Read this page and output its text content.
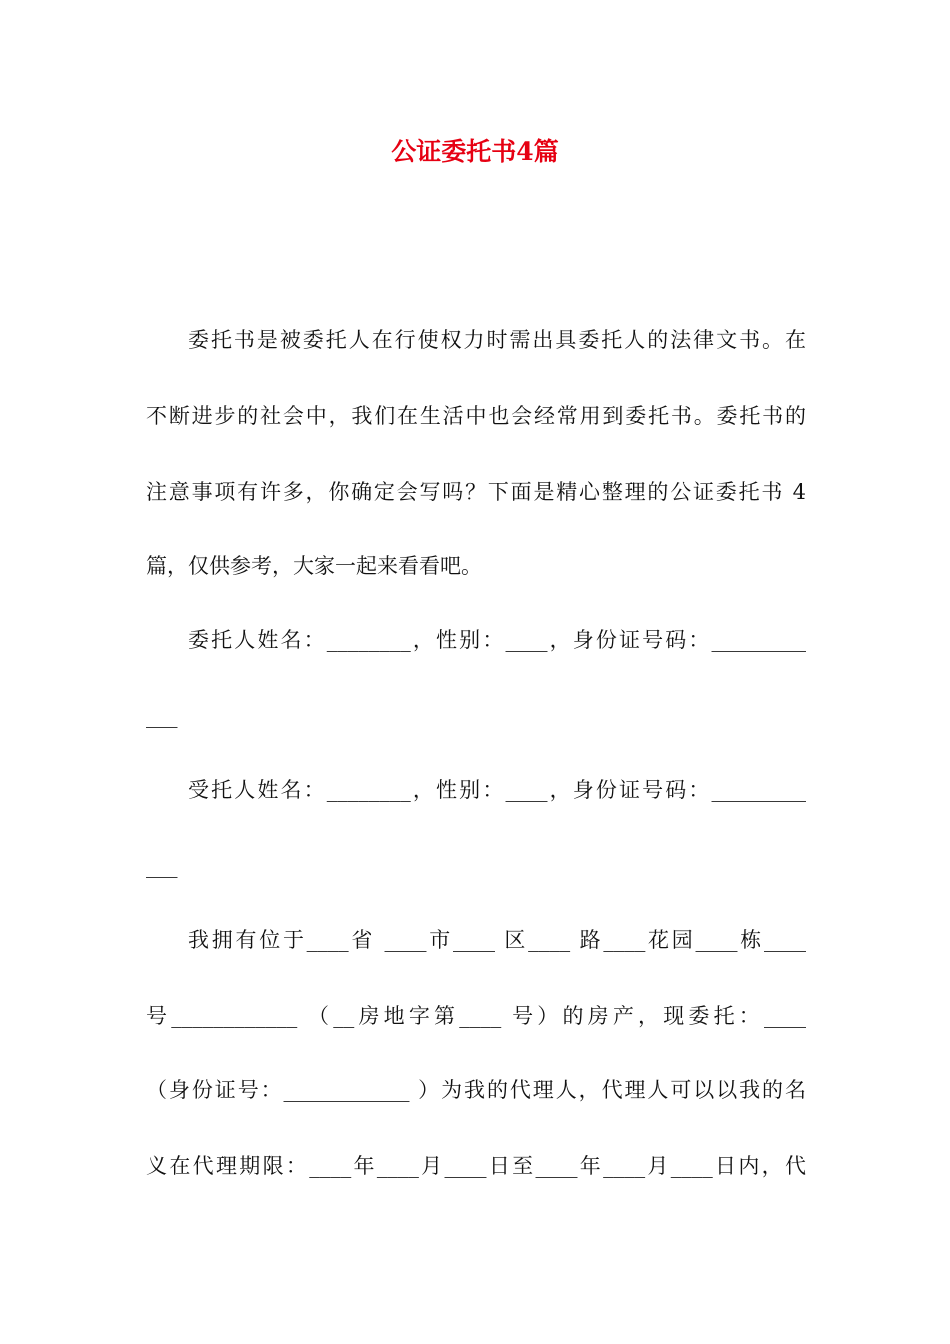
公证委托书4篇
委托书是被委托人在行使权力时需出具委托人的法律文书。在
不断进步的社会中，我们在生活中也会经常用到委托书。委托书的
注意事项有许多，你确定会写吗？下面是精心整理的公证委托书 4
篇，仅供参考，大家一起来看看吧。
委托人姓名：________，性别：____，身份证号码：_________
___
受托人姓名：________，性别：____，身份证号码：_________
___
我拥有位于____省 ____市____ 区____ 路____花园____栋____
号____________ （__房地字第____ 号）的房产，现委托：____
（身份证号：____________ ）为我的代理人，代理人可以以我的名
义在代理期限：____年____月____日至____年____月____日内，代
